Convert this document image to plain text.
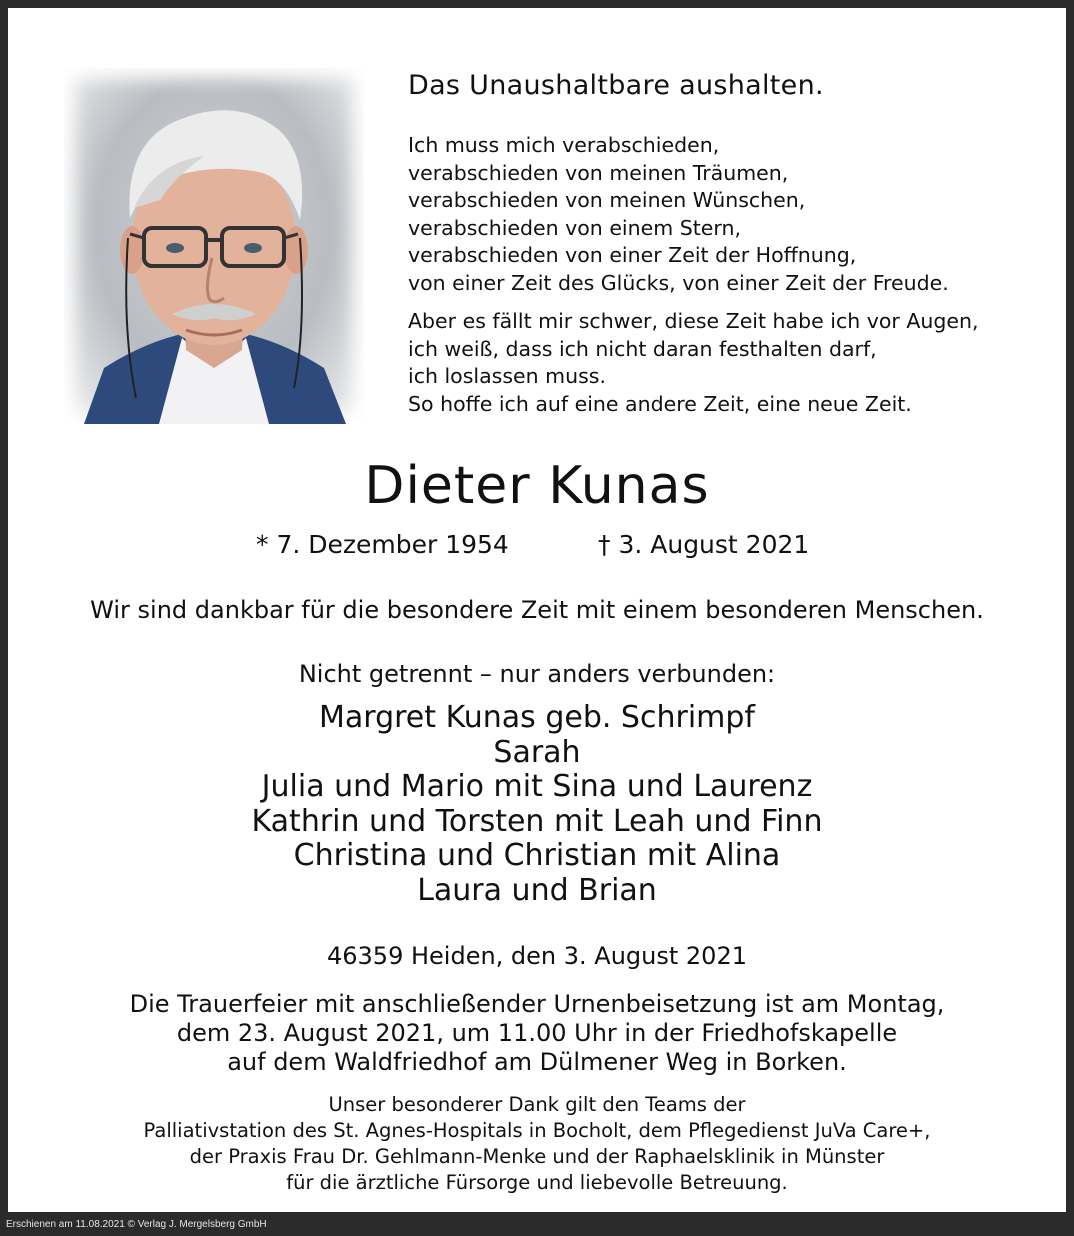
Das Unaushaltbare aushalten.
Ich muss mich verabschieden,
verabschieden von meinen Träumen,
verabschieden von meinen Wünschen,
verabschieden von einem Stern,
verabschieden von einer Zeit der Hoffnung,
von einer Zeit des Glücks, von einer Zeit der Freude.
Aber es fällt mir schwer, diese Zeit habe ich vor Augen,
ich weiß, dass ich nicht daran festhalten darf,
ich loslassen muss.
So hoffe ich auf eine andere Zeit, eine neue Zeit.
Dieter Kunas
* 7. Dezember 1954	† 3. August 2021
Wir sind dankbar für die besondere Zeit mit einem besonderen Menschen.
Nicht getrennt – nur anders verbunden:
Margret Kunas geb. Schrimpf
Sarah
Julia und Mario mit Sina und Laurenz
Kathrin und Torsten mit Leah und Finn
Christina und Christian mit Alina
Laura und Brian
46359 Heiden, den 3. August 2021
Die Trauerfeier mit anschließender Urnenbeisetzung ist am Montag,
dem 23. August 2021, um 11.00 Uhr in der Friedhofskapelle
auf dem Waldfriedhof am Dülmener Weg in Borken.
Unser besonderer Dank gilt den Teams der
Palliativstation des St. Agnes-Hospitals in Bocholt, dem Pflegedienst JuVa Care+,
der Praxis Frau Dr. Gehlmann-Menke und der Raphaelsklinik in Münster
für die ärztliche Fürsorge und liebevolle Betreuung.
Erschienen am 11.08.2021 © Verlag J. Mergelsberg GmbH
